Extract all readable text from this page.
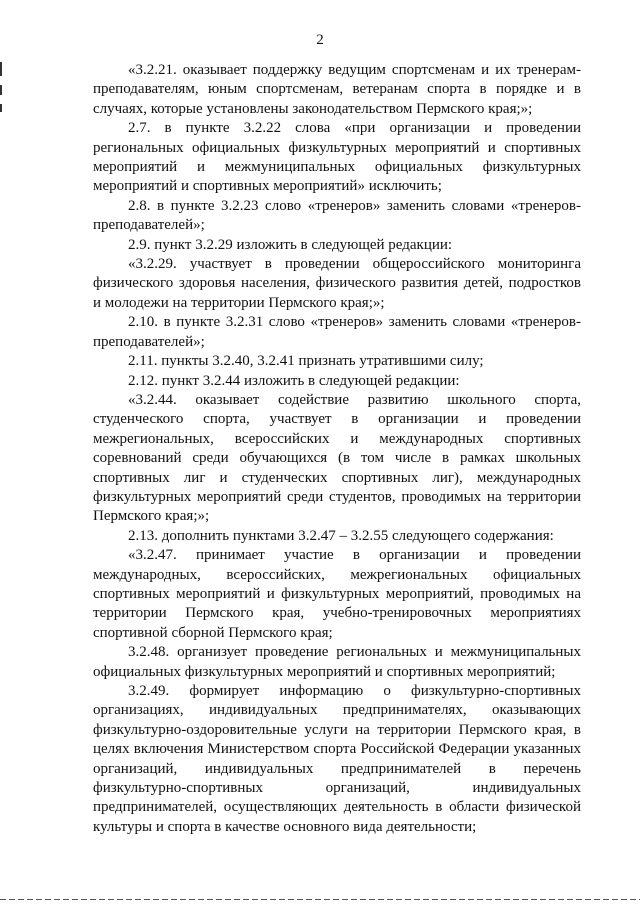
2

«3.2.21. оказывает поддержку ведущим спортсменам и их тренерам-преподавателям, юным спортсменам, ветеранам спорта в порядке и в случаях, которые установлены законодательством Пермского края;»;

2.7. в пункте 3.2.22 слова «при организации и проведении региональных официальных физкультурных мероприятий и спортивных мероприятий и межмуниципальных официальных физкультурных мероприятий и спортивных мероприятий» исключить;

2.8. в пункте 3.2.23 слово «тренеров» заменить словами «тренеров-преподавателей»;

2.9. пункт 3.2.29 изложить в следующей редакции:

«3.2.29. участвует в проведении общероссийского мониторинга физического здоровья населения, физического развития детей, подростков и молодежи на территории Пермского края;»;

2.10. в пункте 3.2.31 слово «тренеров» заменить словами «тренеров-преподавателей»;

2.11. пункты 3.2.40, 3.2.41 признать утратившими силу;

2.12. пункт 3.2.44 изложить в следующей редакции:

«3.2.44. оказывает содействие развитию школьного спорта, студенческого спорта, участвует в организации и проведении межрегиональных, всероссийских и международных спортивных соревнований среди обучающихся (в том числе в рамках школьных спортивных лиг и студенческих спортивных лиг), международных физкультурных мероприятий среди студентов, проводимых на территории Пермского края;»;

2.13. дополнить пунктами 3.2.47 – 3.2.55 следующего содержания:

«3.2.47. принимает участие в организации и проведении международных, всероссийских, межрегиональных официальных спортивных мероприятий и физкультурных мероприятий, проводимых на территории Пермского края, учебно-тренировочных мероприятиях спортивной сборной Пермского края;

3.2.48. организует проведение региональных и межмуниципальных официальных физкультурных мероприятий и спортивных мероприятий;

3.2.49. формирует информацию о физкультурно-спортивных организациях, индивидуальных предпринимателях, оказывающих физкультурно-оздоровительные услуги на территории Пермского края, в целях включения Министерством спорта Российской Федерации указанных организаций, индивидуальных предпринимателей в перечень физкультурно-спортивных организаций, индивидуальных предпринимателей, осуществляющих деятельность в области физической культуры и спорта в качестве основного вида деятельности;
